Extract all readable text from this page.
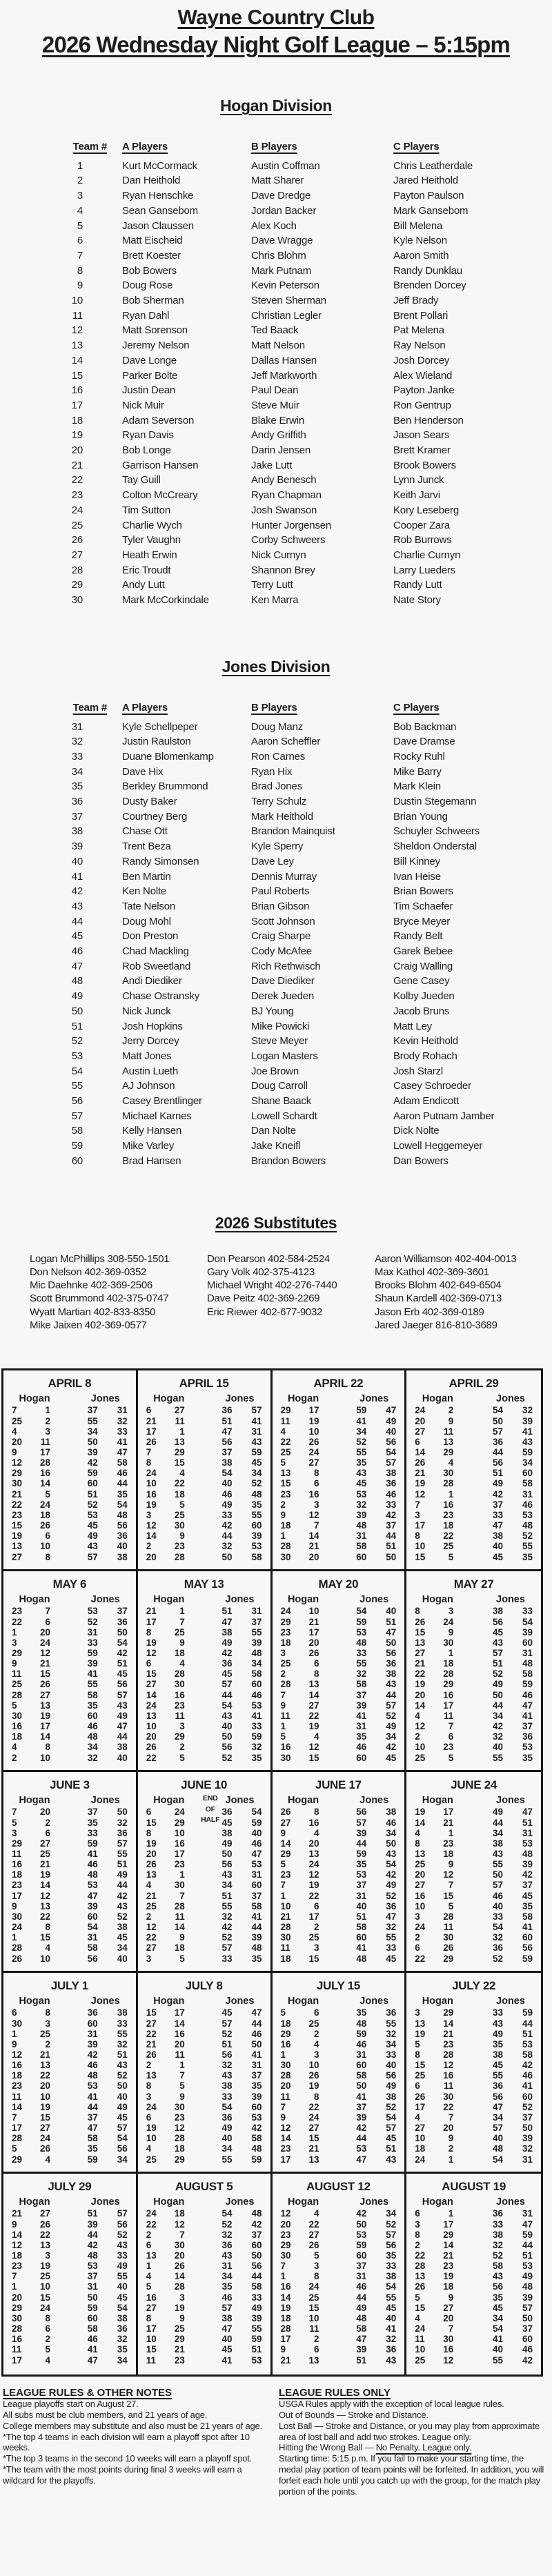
Wayne Country Club
2026 Wednesday Night Golf League – 5:15pm
Hogan Division
Team # A Players	B Players	C Players
1	Kurt McCormack	Austin Coffman	Chris Leatherdale
2	Dan Heithold	Matt Sharer	Jared Heithold
3	Ryan Henschke	Dave Dredge	Payton Paulson
4	Sean Gansebom	Jordan Backer	Mark Gansebom
5	Jason Claussen	Alex Koch	Bill Melena
6	Matt Eischeid	Dave Wragge	Kyle Nelson
7	Brett Koester	Chris Blohm	Aaron Smith
8	Bob Bowers	Mark Putnam	Randy Dunklau
9	Doug Rose	Kevin Peterson	Brenden Dorcey
10	Bob Sherman	Steven Sherman	Jeff Brady
11	Ryan Dahl	Christian Legler	Brent Pollari
12	Matt Sorenson	Ted Baack	Pat Melena
13	Jeremy Nelson	Matt Nelson	Ray Nelson
14	Dave Longe	Dallas Hansen	Josh Dorcey
15	Parker Bolte	Jeff Markworth	Alex Wieland
16	Justin Dean	Paul Dean	Payton Janke
17	Nick Muir	Steve Muir	Ron Gentrup
18	Adam Severson	Blake Erwin	Ben Henderson
19	Ryan Davis	Andy Griffith	Jason Sears
20	Bob Longe	Darin Jensen	Brett Kramer
21	Garrison Hansen	Jake Lutt	Brook Bowers
22	Tay Guill	Andy Benesch	Lynn Junck
23	Colton McCreary	Ryan Chapman	Keith Jarvi
24	Tim Sutton	Josh Swanson	Kory Leseberg
25	Charlie Wych	Hunter Jorgensen	Cooper Zara
26	Tyler Vaughn	Corby Schweers	Rob Burrows
27	Heath Erwin	Nick Curnyn	Charlie Curnyn
28	Eric Troudt	Shannon Brey	Larry Lueders
29	Andy Lutt	Terry Lutt	Randy Lutt
30	Mark McCorkindale	Ken Marra	Nate Story
Jones Division
Team # A Players	B Players	C Players
31	Kyle Schellpeper	Doug Manz	Bob Backman
32	Justin Raulston	Aaron Scheffler	Dave Dramse
33	Duane Blomenkamp	Ron Carnes	Rocky Ruhl
34	Dave Hix	Ryan Hix	Mike Barry
35	Berkley Brummond	Brad Jones	Mark Klein
36	Dusty Baker	Terry Schulz	Dustin Stegemann
37	Courtney Berg	Mark Heithold	Brian Young
38	Chase Ott	Brandon Mainquist	Schuyler Schweers
39	Trent Beza	Kyle Sperry	Sheldon Onderstal
40	Randy Simonsen	Dave Ley	Bill Kinney
41	Ben Martin	Dennis Murray	Ivan Heise
42	Ken Nolte	Paul Roberts	Brian Bowers
43	Tate Nelson	Brian Gibson	Tim Schaefer
44	Doug Mohl	Scott Johnson	Bryce Meyer
45	Don Preston	Craig Sharpe	Randy Belt
46	Chad Mackling	Cody McAfee	Garek Bebee
47	Rob Sweetland	Rich Rethwisch	Craig Walling
48	Andi Diediker	Dave Diediker	Gene Casey
49	Chase Ostransky	Derek Jueden	Kolby Jueden
50	Nick Junck	BJ Young	Jacob Bruns
51	Josh Hopkins	Mike Powicki	Matt Ley
52	Jerry Dorcey	Steve Meyer	Kevin Heithold
53	Matt Jones	Logan Masters	Brody Rohach
54	Austin Lueth	Joe Brown	Josh Starzl
55	AJ Johnson	Doug Carroll	Casey Schroeder
56	Casey Brentlinger	Shane Baack	Adam Endicott
57	Michael Karnes	Lowell Schardt	Aaron Putnam Jamber
58	Kelly Hansen	Dan Nolte	Dick Nolte
59	Mike Varley	Jake Kneifl	Lowell Heggemeyer
60	Brad Hansen	Brandon Bowers	Dan Bowers
2026 Substitutes
Logan McPhillips 308-550-1501	Don Pearson 402-584-2524	Aaron Williamson 402-404-0013
Don Nelson 402-369-0352	Gary Volk 402-375-4123	Max Kathol 402-369-3601
Mic Daehnke 402-369-2506	Michael Wright 402-276-7440	Brooks Blohm 402-649-6504
Scott Brummond 402-375-0747	Dave Peitz 402-369-2269	Shaun Kardell 402-369-0713
Wyatt Martian 402-833-8350	Eric Riewer 402-677-9032	Jason Erb 402-369-0189
Mike Jaixen 402-369-0577	Jared Jaeger 816-810-3689
APRIL 8
Hogan	Jones
7	1	37	31
25	2	55	32
4	3	34	33
20	11	50	41
9	17	39	47
12	28	42	58
29	16	59	46
30	14	60	44
21	5	51	35
22	24	52	54
23	18	53	48
15	26	45	56
19	6	49	36
13	10	43	40
27	8	57	38
APRIL 15
Hogan	Jones
6	27	36	57
21	11	51	41
17	1	47	31
26	13	56	43
7	29	37	59
8	15	38	45
24	4	54	34
10	22	40	52
16	18	46	48
19	5	49	35
3	25	33	55
12	30	42	60
14	9	44	39
2	23	32	53
20	28	50	58
APRIL 22
Hogan	Jones
29	17	59	47
11	19	41	49
4	10	34	40
22	26	52	56
25	24	55	54
5	27	35	57
13	8	43	38
15	6	45	36
23	16	53	46
2	3	32	33
9	12	39	42
18	7	48	37
1	14	31	44
28	21	58	51
30	20	60	50
APRIL 29
Hogan	Jones
24	2	54	32
20	9	50	39
27	11	57	41
6	13	36	43
14	29	44	59
26	4	56	34
21	30	51	60
19	28	49	58
12	1	42	31
7	16	37	46
3	23	33	53
17	18	47	48
8	22	38	52
10	25	40	55
15	5	45	35
MAY 6
Hogan	Jones
23	7	53	37
22	6	52	36
1	20	31	50
3	24	33	54
29	12	59	42
9	21	39	51
11	15	41	45
25	26	55	56
28	27	58	57
5	13	35	43
30	19	60	49
16	17	46	47
18	14	48	44
4	8	34	38
2	10	32	40
MAY 13
Hogan	Jones
21	1	51	31
17	7	47	37
8	25	38	55
19	9	49	39
12	18	42	48
6	4	36	34
15	28	45	58
27	30	57	60
14	16	44	46
24	23	54	53
13	11	43	41
10	3	40	33
20	29	50	59
26	2	56	32
22	5	52	35
MAY 20
Hogan	Jones
24	10	54	40
29	21	59	51
23	17	53	47
18	20	48	50
3	26	33	56
25	6	55	36
2	8	32	38
28	13	58	43
7	14	37	44
9	27	39	57
11	22	41	52
1	19	31	49
5	4	35	34
16	12	46	42
30	15	60	45
MAY 27
Hogan	Jones
8	3	38	33
26	24	56	54
15	9	45	39
13	30	43	60
27	1	57	31
21	18	51	48
22	28	52	58
19	29	49	59
20	16	50	46
14	17	44	47
4	11	34	41
12	7	42	37
2	6	32	36
10	23	40	53
25	5	55	35
JUNE 3
Hogan	Jones
7	20	37	50
5	2	35	32
3	6	33	36
29	27	59	57
11	25	41	55
16	21	46	51
18	19	48	49
23	14	53	44
17	12	47	42
9	13	39	43
30	22	60	52
24	8	54	38
1	15	31	45
28	4	58	34
26	10	56	40
JUNE 10
Hogan	Jones
6	24	36	54
15	29	45	59
8	10	38	40
19	16	49	46
20	17	50	47
26	23	56	53
13	1	43	31
4	30	34	60
21	7	51	37
25	28	55	58
2	11	32	41
12	14	42	44
22	9	52	39
27	18	57	48
3	5	33	35
END
OF
HALF
JUNE 17
Hogan	Jones
26	8	56	38
27	16	57	46
9	4	39	34
14	20	44	50
29	13	59	43
5	24	35	54
23	12	53	42
7	19	37	49
1	22	31	52
10	6	40	36
21	17	51	47
28	2	58	32
30	25	60	55
11	3	41	33
18	15	48	45
JUNE 24
Hogan	Jones
19	17	49	47
14	21	44	51
4	1	34	31
8	23	38	53
13	18	43	48
25	9	55	39
20	12	50	42
27	7	57	37
16	15	46	45
10	5	40	35
3	28	33	58
24	11	54	41
2	30	32	60
6	26	36	56
22	29	52	59
JULY 1
Hogan	Jones
6	8	36	38
30	3	60	33
1	25	31	55
9	2	39	32
12	21	42	51
16	13	46	43
18	22	48	52
23	20	53	50
11	10	41	40
14	19	44	49
7	15	37	45
17	27	47	57
28	24	58	54
5	26	35	56
29	4	59	34
JULY 8
Hogan	Jones
15	17	45	47
27	14	57	44
22	16	52	46
21	20	51	50
26	11	56	41
2	1	32	31
13	7	43	37
8	5	38	35
3	9	33	39
24	30	54	60
6	23	36	53
19	12	49	42
10	28	40	58
4	18	34	48
25	29	55	59
JULY 15
Hogan	Jones
5	6	35	36
18	25	48	55
29	2	59	32
16	4	46	34
1	3	31	33
30	10	60	40
28	26	58	56
20	19	50	49
11	8	41	38
7	22	37	52
9	24	39	54
12	27	42	57
14	15	44	45
23	21	53	51
17	13	47	43
JULY 22
Hogan	Jones
3	29	33	59
13	14	43	44
19	21	49	51
5	23	35	53
8	28	38	58
15	12	45	42
25	16	55	46
6	11	36	41
26	30	56	60
17	22	47	52
4	7	34	37
27	20	57	50
10	9	40	39
18	2	48	32
24	1	54	31
JULY 29
Hogan	Jones
21	27	51	57
9	26	39	56
14	22	44	52
12	13	42	43
18	3	48	33
23	19	53	49
7	25	37	55
1	10	31	40
20	15	50	45
29	24	59	54
30	8	60	38
28	6	58	36
16	2	46	32
11	5	41	35
17	4	47	34
AUGUST 5
Hogan	Jones
24	18	54	48
22	12	52	42
2	7	32	37
6	30	36	60
13	20	43	50
1	26	31	56
4	14	34	44
5	28	35	58
16	3	46	33
27	19	57	49
8	9	38	39
17	25	47	55
10	29	40	59
15	21	45	51
11	23	41	53
AUGUST 12
Hogan	Jones
12	4	42	34
20	22	50	52
23	27	53	57
29	26	59	56
30	5	60	35
7	3	37	33
1	8	31	38
16	24	46	54
14	25	44	55
19	15	49	45
18	10	48	40
28	11	58	41
17	2	47	32
9	6	39	36
21	13	51	43
AUGUST 19
Hogan	Jones
6	1	36	31
3	17	33	47
8	29	38	59
2	14	32	44
22	21	52	51
28	23	58	53
13	19	43	49
26	18	56	48
5	9	35	39
15	27	45	57
4	20	34	50
24	7	54	37
11	30	41	60
10	16	40	46
25	12	55	42
LEAGUE RULES & OTHER NOTES
League playoffs start on August 27.
All subs must be club members, and 21 years of age.
College members may substitute and also must be 21 years of age.
*The top 4 teams in each division will earn a playoff spot after 10 weeks.
*The top 3 teams in the second 10 weeks will earn a playoff spot.
*The team with the most points during final 3 weeks will earn a wildcard for the playoffs.
LEAGUE RULES ONLY
USGA Rules apply with the exception of local league rules.
Out of Bounds — Stroke and Distance.
Lost Ball — Stroke and Distance, or you may play from approximate area of lost ball and add two strokes. League only.
Hitting the Wrong Ball — No Penalty. League only.
Starting time: 5:15 p.m. If you fail to make your starting time, the medal play portion of team points will be forfeited. In addition, you will forfeit each hole until you catch up with the group, for the match play portion of the points.
